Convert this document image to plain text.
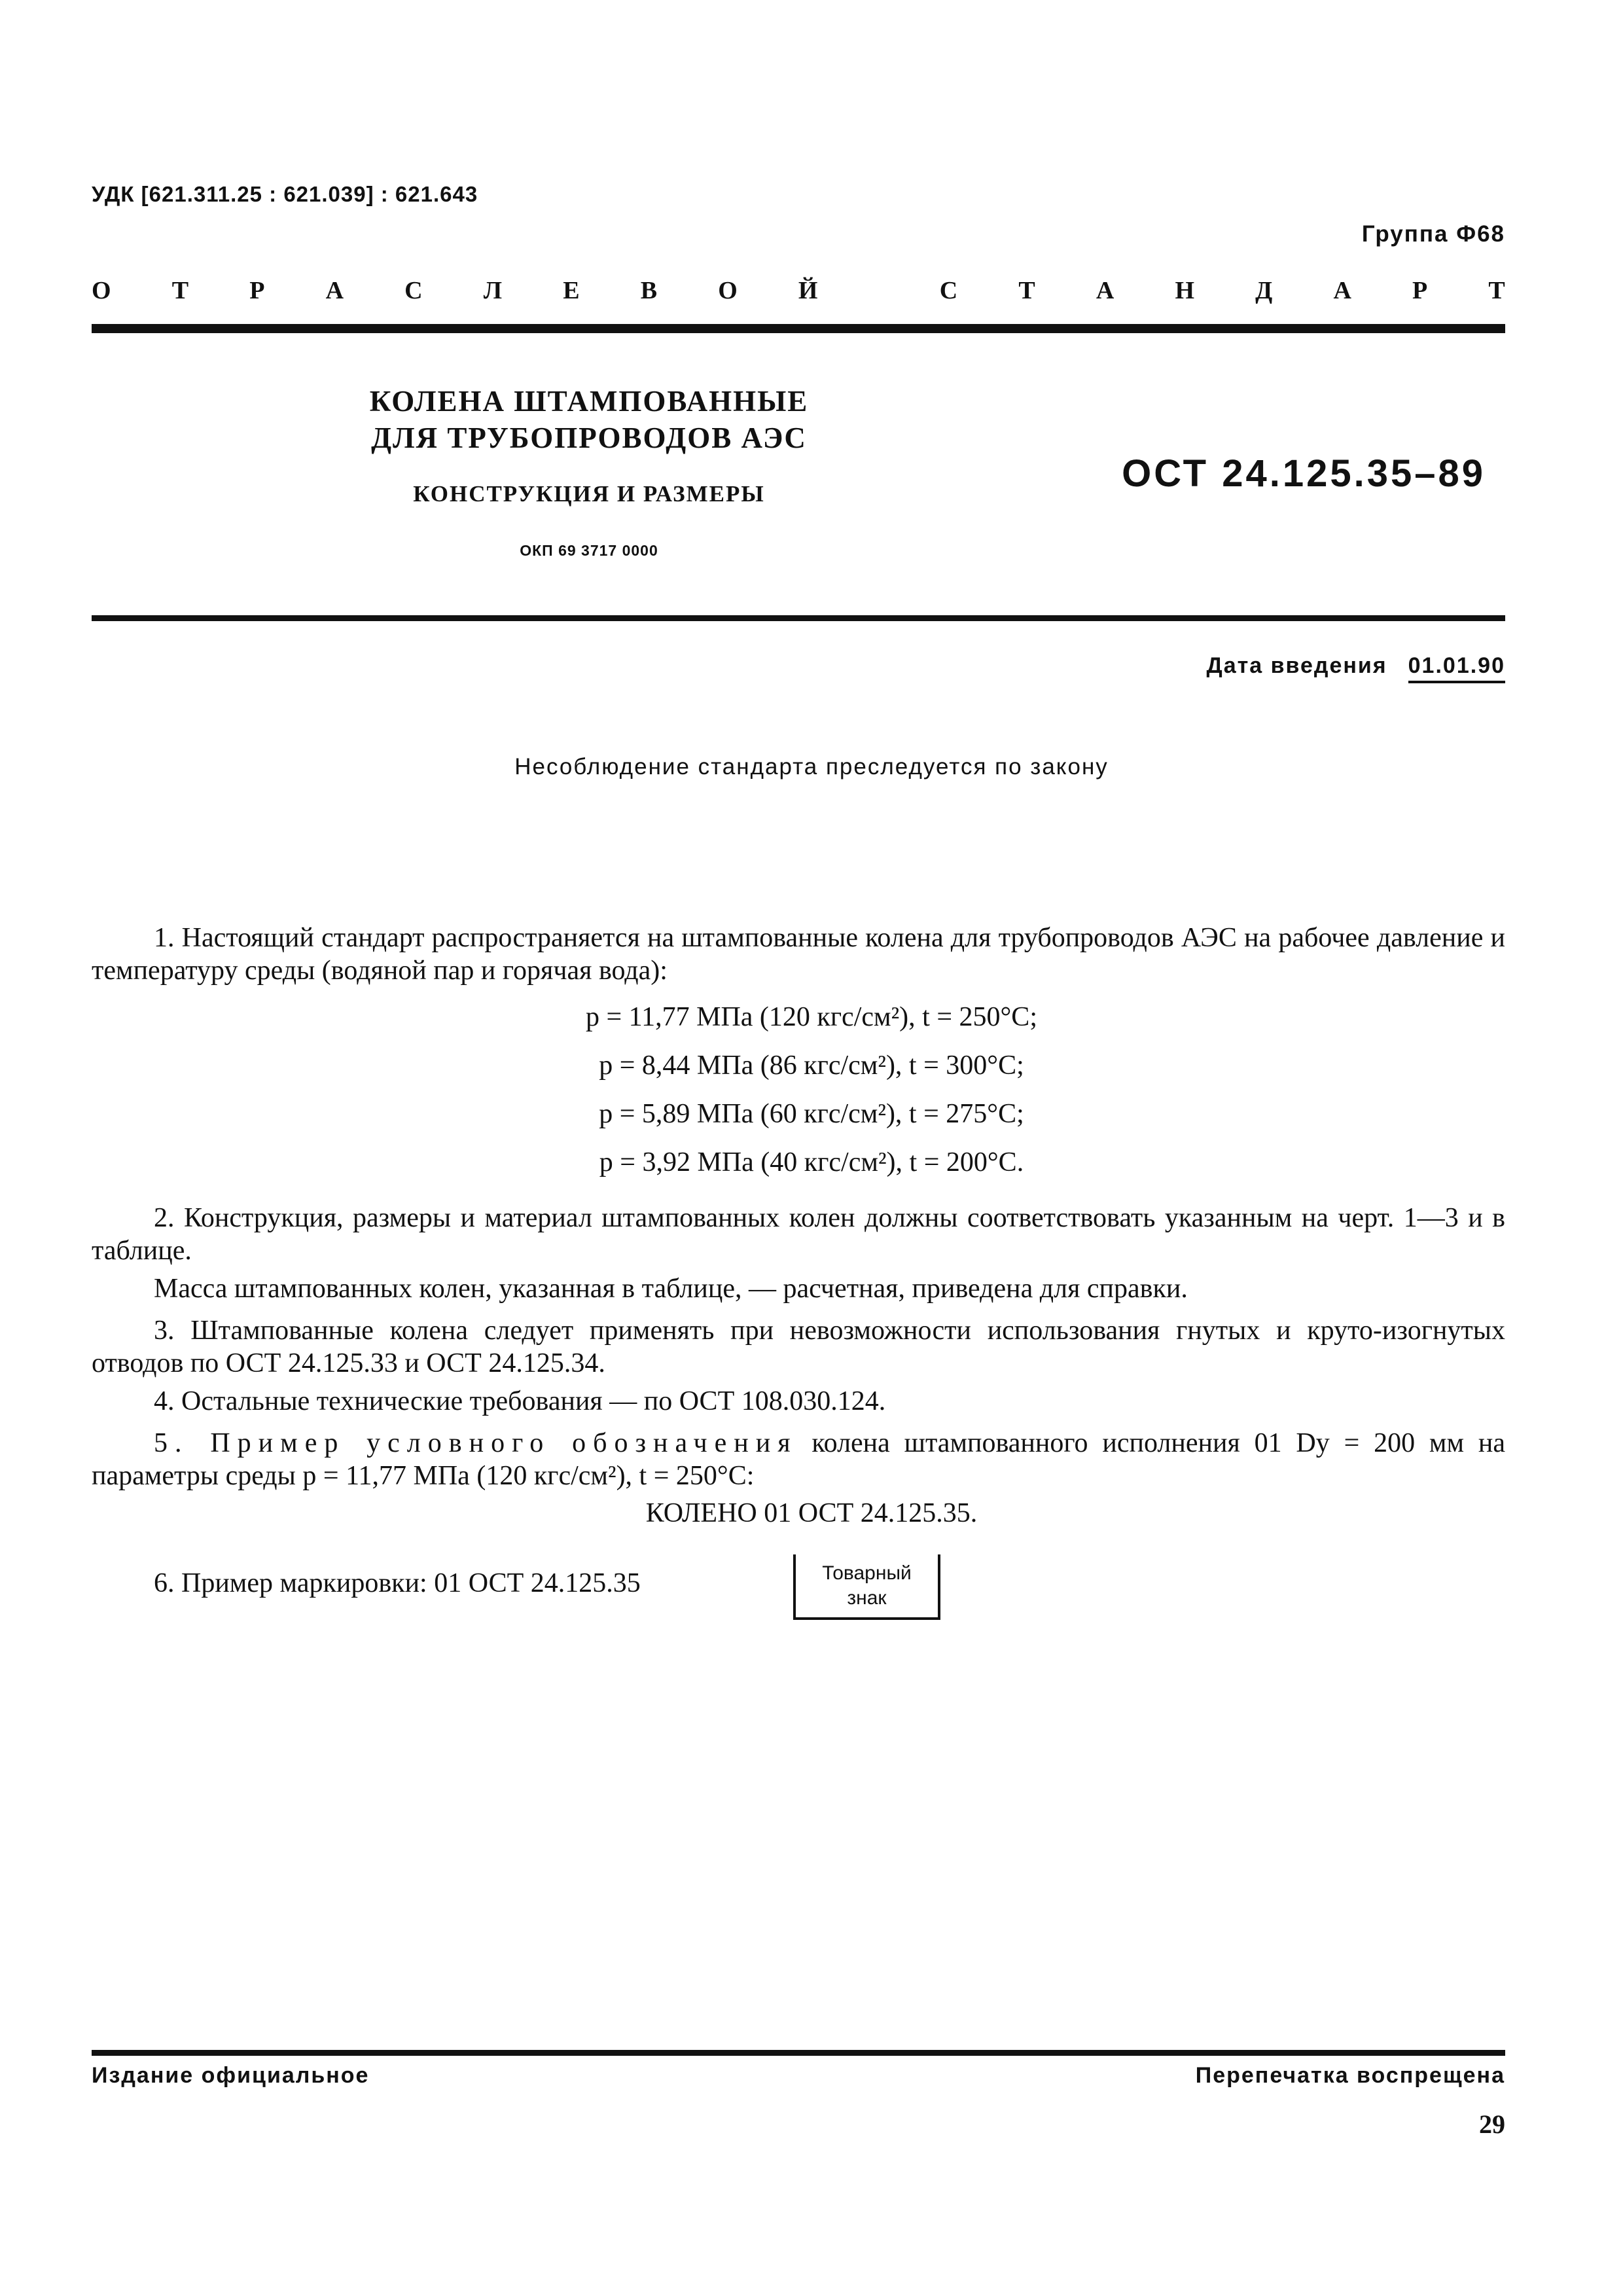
УДК [621.311.25 : 621.039] : 621.643
Группа Ф68
О Т Р А С Л Е В О Й	С Т А Н Д А Р Т
КОЛЕНА ШТАМПОВАННЫЕ
ДЛЯ ТРУБОПРОВОДОВ АЭС
КОНСТРУКЦИЯ И РАЗМЕРЫ
ОКП 69 3717 0000
ОСТ 24.125.35–89
Дата введения 01.01.90
Несоблюдение стандарта преследуется по закону
1. Настоящий стандарт распространяется на штампованные колена для трубопроводов АЭС на рабочее давление и температуру среды (водяной пар и горячая вода):
p = 11,77 МПа (120 кгс/см²), t = 250°C;
p = 8,44 МПа (86 кгс/см²), t = 300°C;
p = 5,89 МПа (60 кгс/см²), t = 275°C;
p = 3,92 МПа (40 кгс/см²), t = 200°C.
2. Конструкция, размеры и материал штампованных колен должны соответствовать указанным на черт. 1—3 и в таблице.
Масса штампованных колен, указанная в таблице, — расчетная, приведена для справки.
3. Штампованные колена следует применять при невозможности использования гнутых и круто-изогнутых отводов по ОСТ 24.125.33 и ОСТ 24.125.34.
4. Остальные технические требования — по ОСТ 108.030.124.
5. Пример условного обозначения колена штампованного исполнения 01 Dу = 200 мм на параметры среды p = 11,77 МПа (120 кгс/см²), t = 250°C:
КОЛЕНО 01 ОСТ 24.125.35.
6. Пример маркировки: 01 ОСТ 24.125.35	Товарный
знак
Издание официальное	Перепечатка воспрещена
29
